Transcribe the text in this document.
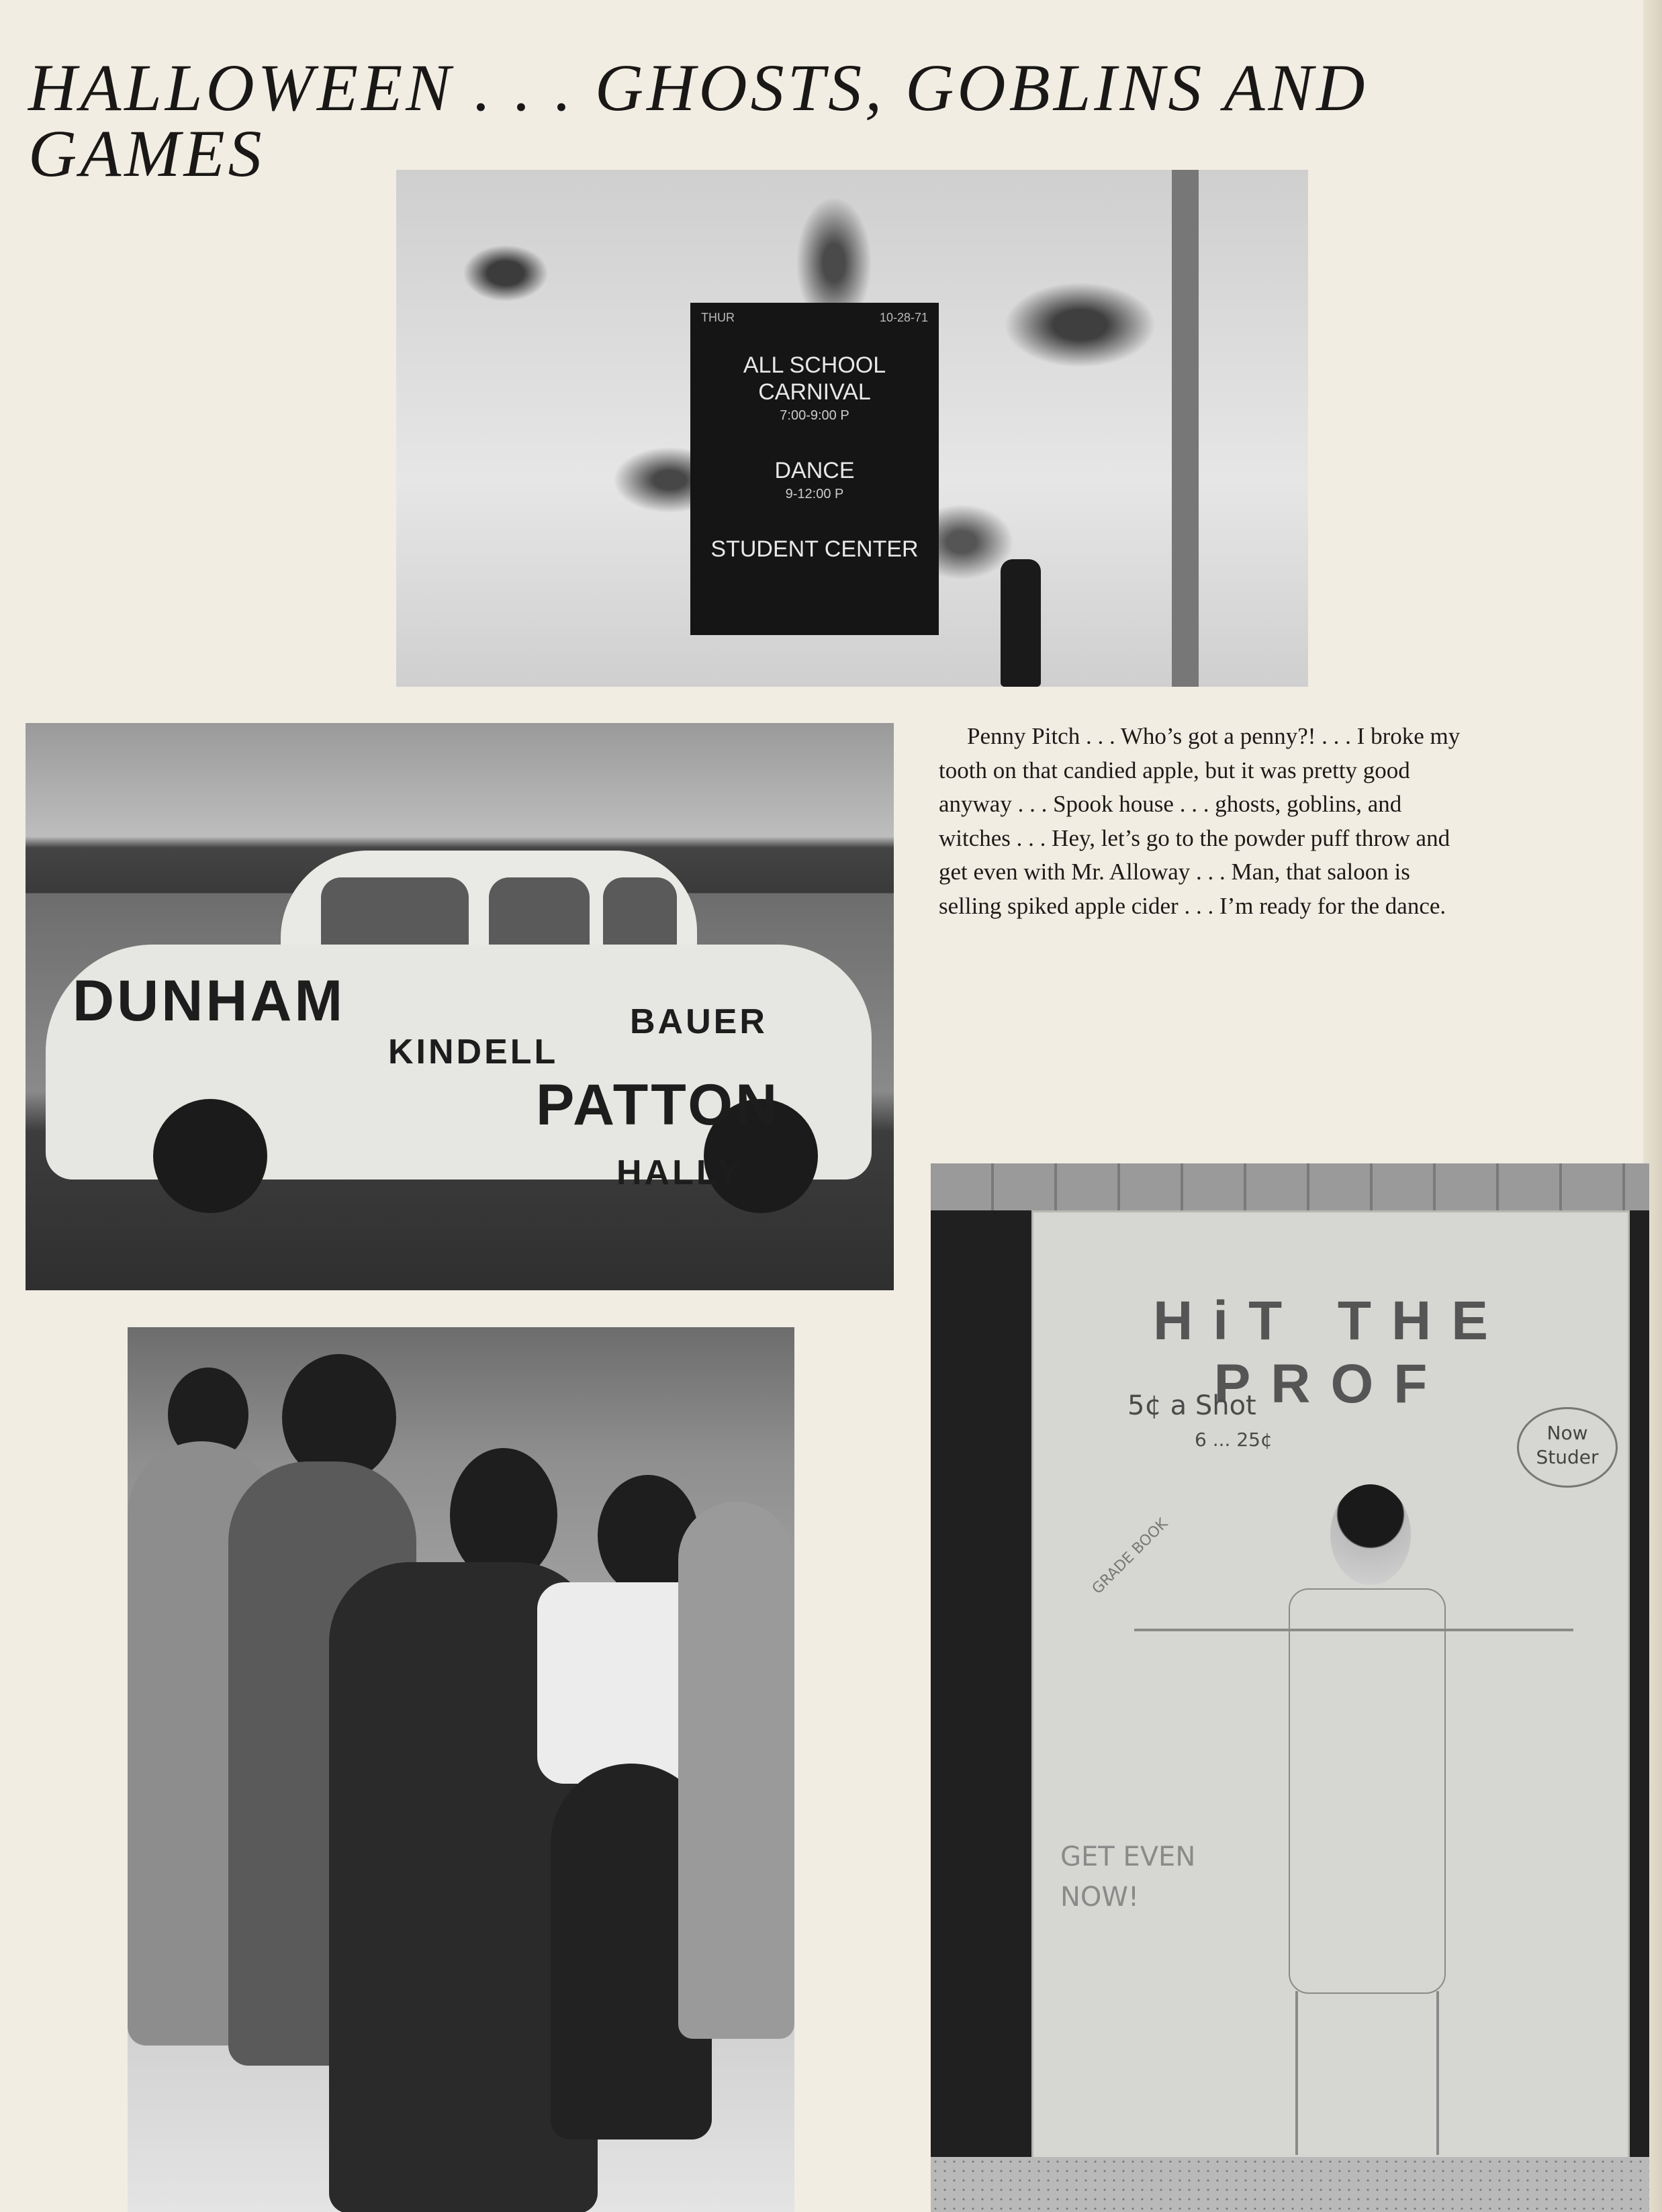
HALLOWEEN . . . GHOSTS, GOBLINS AND GAMES
THUR	10-28-71
ALL SCHOOL
CARNIVAL
7:00-9:00 P
DANCE
9-12:00 P
STUDENT CENTER

Penny Pitch . . . Who’s got a penny?! . . . I broke my tooth on that candied apple, but it was pretty good anyway . . . Spook house . . . ghosts, goblins, and witches . . . Hey, let’s go to the powder puff throw and get even with Mr. Alloway . . . Man, that saloon is selling spiked apple cider . . . I’m ready for the dance.

DUNHAM
PATTON
KINDELL
BAUER
HALLY
HiT THE PROF
5¢ a Shot
6 ... 25¢	Now Studer
GRADE BOOK
GET EVEN NOW!
